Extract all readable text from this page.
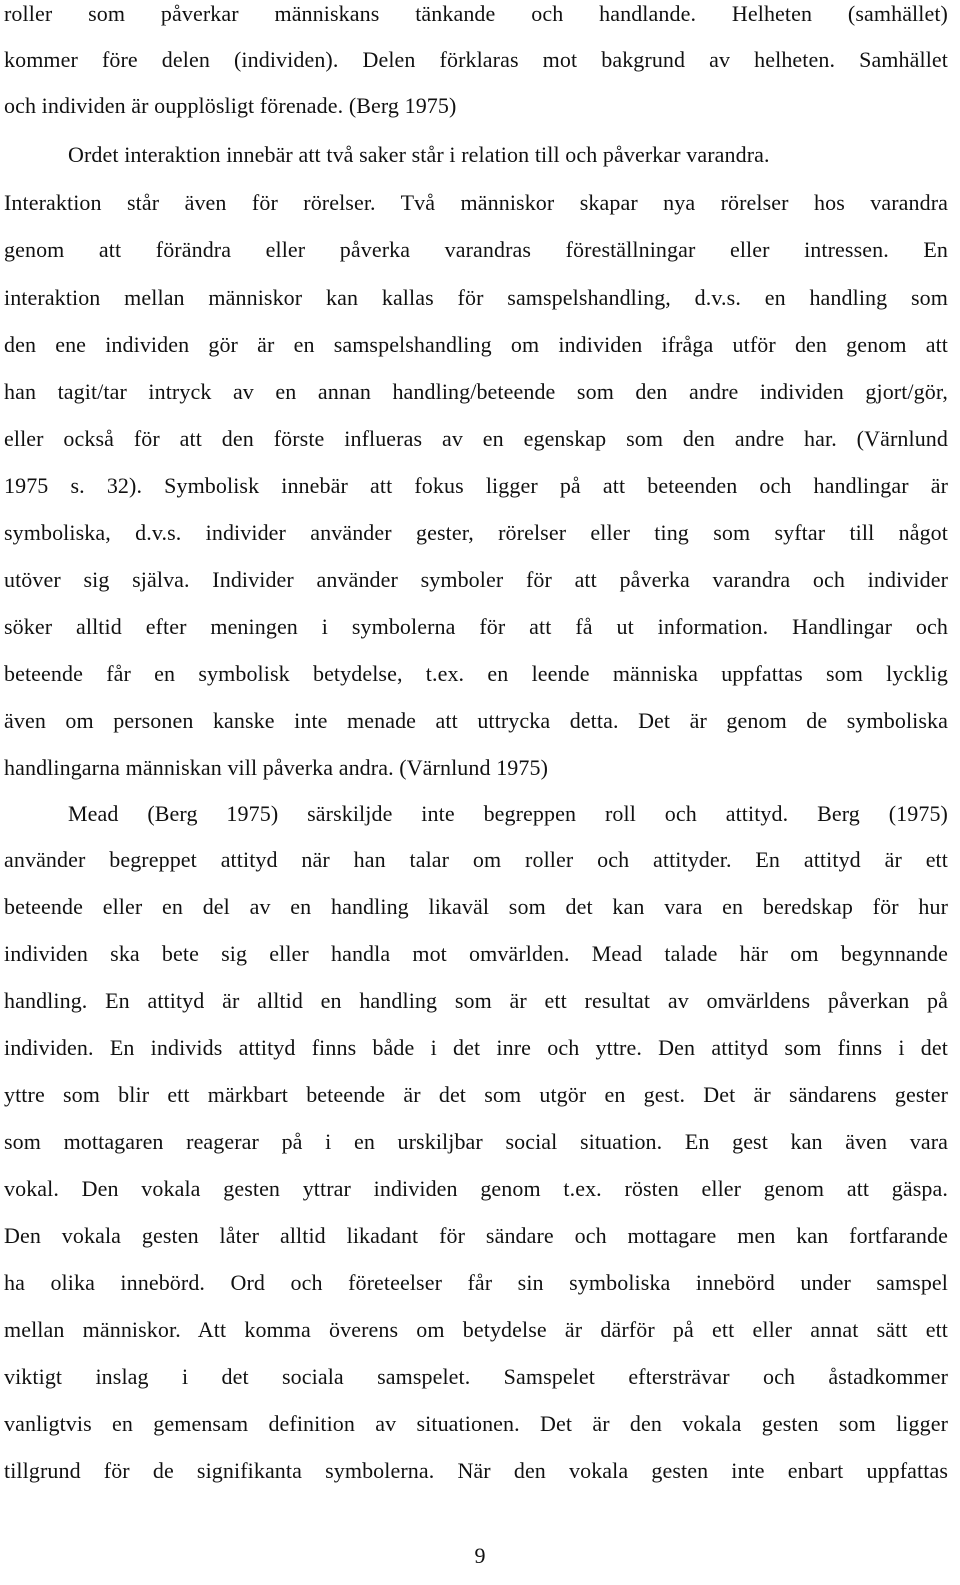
roller som påverkar människans tänkande och handlande. Helheten (samhället)
kommer före delen (individen). Delen förklaras mot bakgrund av helheten. Samhället
och individen är oupplösligt förenade. (Berg 1975)
Ordet interaktion innebär att två saker står i relation till och påverkar varandra.
Interaktion står även för rörelser. Två människor skapar nya rörelser hos varandra
genom att förändra eller påverka varandras föreställningar eller intressen. En
interaktion mellan människor kan kallas för samspelshandling, d.v.s. en handling som
den ene individen gör är en samspelshandling om individen ifråga utför den genom att
han tagit/tar intryck av en annan handling/beteende som den andre individen gjort/gör,
eller också för att den förste influeras av en egenskap som den andre har. (Värnlund
1975 s. 32). Symbolisk innebär att fokus ligger på att beteenden och handlingar är
symboliska, d.v.s. individer använder gester, rörelser eller ting som syftar till något
utöver sig själva. Individer använder symboler för att påverka varandra och individer
söker alltid efter meningen i symbolerna för att få ut information. Handlingar och
beteende får en symbolisk betydelse, t.ex. en leende människa uppfattas som lycklig
även om personen kanske inte menade att uttrycka detta. Det är genom de symboliska
handlingarna människan vill påverka andra. (Värnlund 1975)
Mead (Berg 1975) särskiljde inte begreppen roll och attityd. Berg (1975)
använder begreppet attityd när han talar om roller och attityder. En attityd är ett
beteende eller en del av en handling likaväl som det kan vara en beredskap för hur
individen ska bete sig eller handla mot omvärlden. Mead talade här om begynnande
handling. En attityd är alltid en handling som är ett resultat av omvärldens påverkan på
individen. En individs attityd finns både i det inre och yttre. Den attityd som finns i det
yttre som blir ett märkbart beteende är det som utgör en gest. Det är sändarens gester
som mottagaren reagerar på i en urskiljbar social situation. En gest kan även vara
vokal. Den vokala gesten yttrar individen genom t.ex. rösten eller genom att gäspa.
Den vokala gesten låter alltid likadant för sändare och mottagare men kan fortfarande
ha olika innebörd. Ord och företeelser får sin symboliska innebörd under samspel
mellan människor. Att komma överens om betydelse är därför på ett eller annat sätt ett
viktigt inslag i det sociala samspelet. Samspelet eftersträvar och åstadkommer
vanligtvis en gemensam definition av situationen. Det är den vokala gesten som ligger
tillgrund för de signifikanta symbolerna. När den vokala gesten inte enbart uppfattas
9
